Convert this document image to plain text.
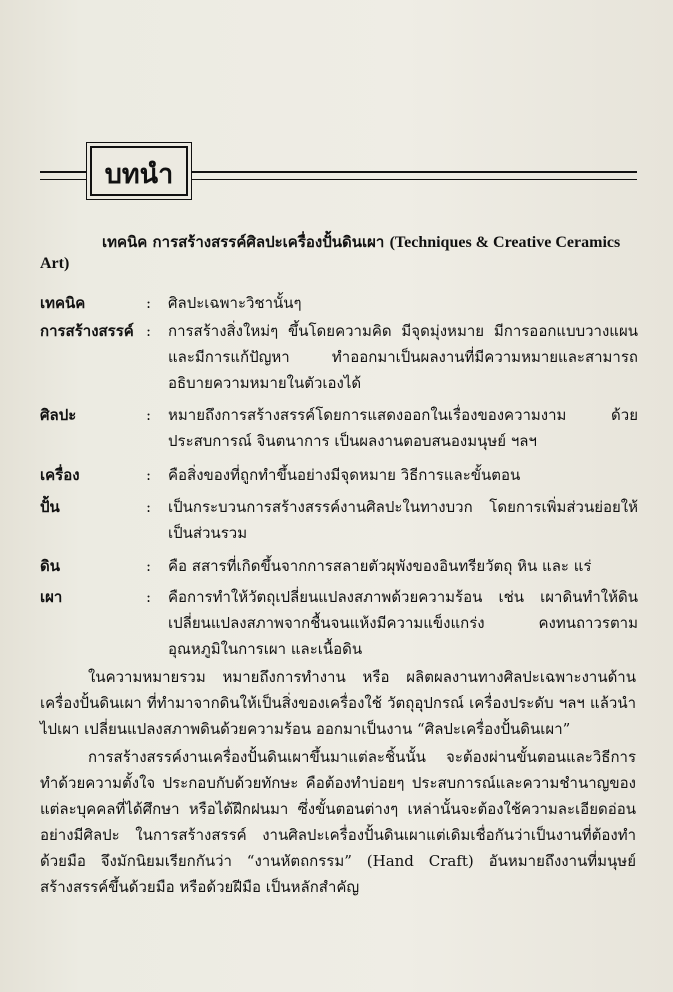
บทนำ
เทคนิค การสร้างสรรค์ศิลปะเครื่องปั้นดินเผา (Techniques & Creative Ceramics Art)
เทคนิค	: ศิลปะเฉพาะวิชานั้นๆ
การสร้างสรรค์ : การสร้างสิ่งใหม่ๆ ขึ้นโดยความคิด มีจุดมุ่งหมาย มีการออกแบบวางแผน และมีการแก้ปัญหา ทำออกมาเป็นผลงานที่มีความหมายและสามารถอธิบายความหมายในตัวเองได้
ศิลปะ	: หมายถึงการสร้างสรรค์โดยการแสดงออกในเรื่องของความงาม ด้วยประสบการณ์ จินตนาการ เป็นผลงานตอบสนองมนุษย์ ฯลฯ
เครื่อง	: คือสิ่งของที่ถูกทำขึ้นอย่างมีจุดหมาย วิธีการและขั้นตอน
ปั้น	: เป็นกระบวนการสร้างสรรค์งานศิลปะในทางบวก โดยการเพิ่มส่วนย่อยให้เป็นส่วนรวม
ดิน	: คือ สสารที่เกิดขึ้นจากการสลายตัวผุพังของอินทรียวัตถุ หิน และ แร่
เผา	: คือการทำให้วัตถุเปลี่ยนแปลงสภาพด้วยความร้อน เช่น เผาดินทำให้ดินเปลี่ยนแปลงสภาพจากชื้นจนแห้งมีความแข็งแกร่ง คงทนถาวรตามอุณหภูมิในการเผา และเนื้อดิน
ในความหมายรวม หมายถึงการทำงาน หรือ ผลิตผลงานทางศิลปะเฉพาะงานด้านเครื่องปั้นดินเผา ที่ทำมาจากดินให้เป็นสิ่งของเครื่องใช้ วัตถุอุปกรณ์ เครื่องประดับ ฯลฯ แล้วนำไปเผา เปลี่ยนแปลงสภาพดินด้วยความร้อน ออกมาเป็นงาน “ศิลปะเครื่องปั้นดินเผา”
การสร้างสรรค์งานเครื่องปั้นดินเผาขึ้นมาแต่ละชิ้นนั้น จะต้องผ่านขั้นตอนและวิธีการทำด้วยความตั้งใจ ประกอบกับด้วยทักษะ คือต้องทำบ่อยๆ ประสบการณ์และความชำนาญของแต่ละบุคคลที่ได้ศึกษา หรือได้ฝึกฝนมา ซึ่งขั้นตอนต่างๆ เหล่านั้นจะต้องใช้ความละเอียดอ่อนอย่างมีศิลปะ ในการสร้างสรรค์ งานศิลปะเครื่องปั้นดินเผาแต่เดิมเชื่อกันว่าเป็นงานที่ต้องทำด้วยมือ จึงมักนิยมเรียกกันว่า “งานหัตถกรรม” (Hand Craft) อันหมายถึงงานที่มนุษย์สร้างสรรค์ขึ้นด้วยมือ หรือด้วยฝีมือ เป็นหลักสำคัญ
